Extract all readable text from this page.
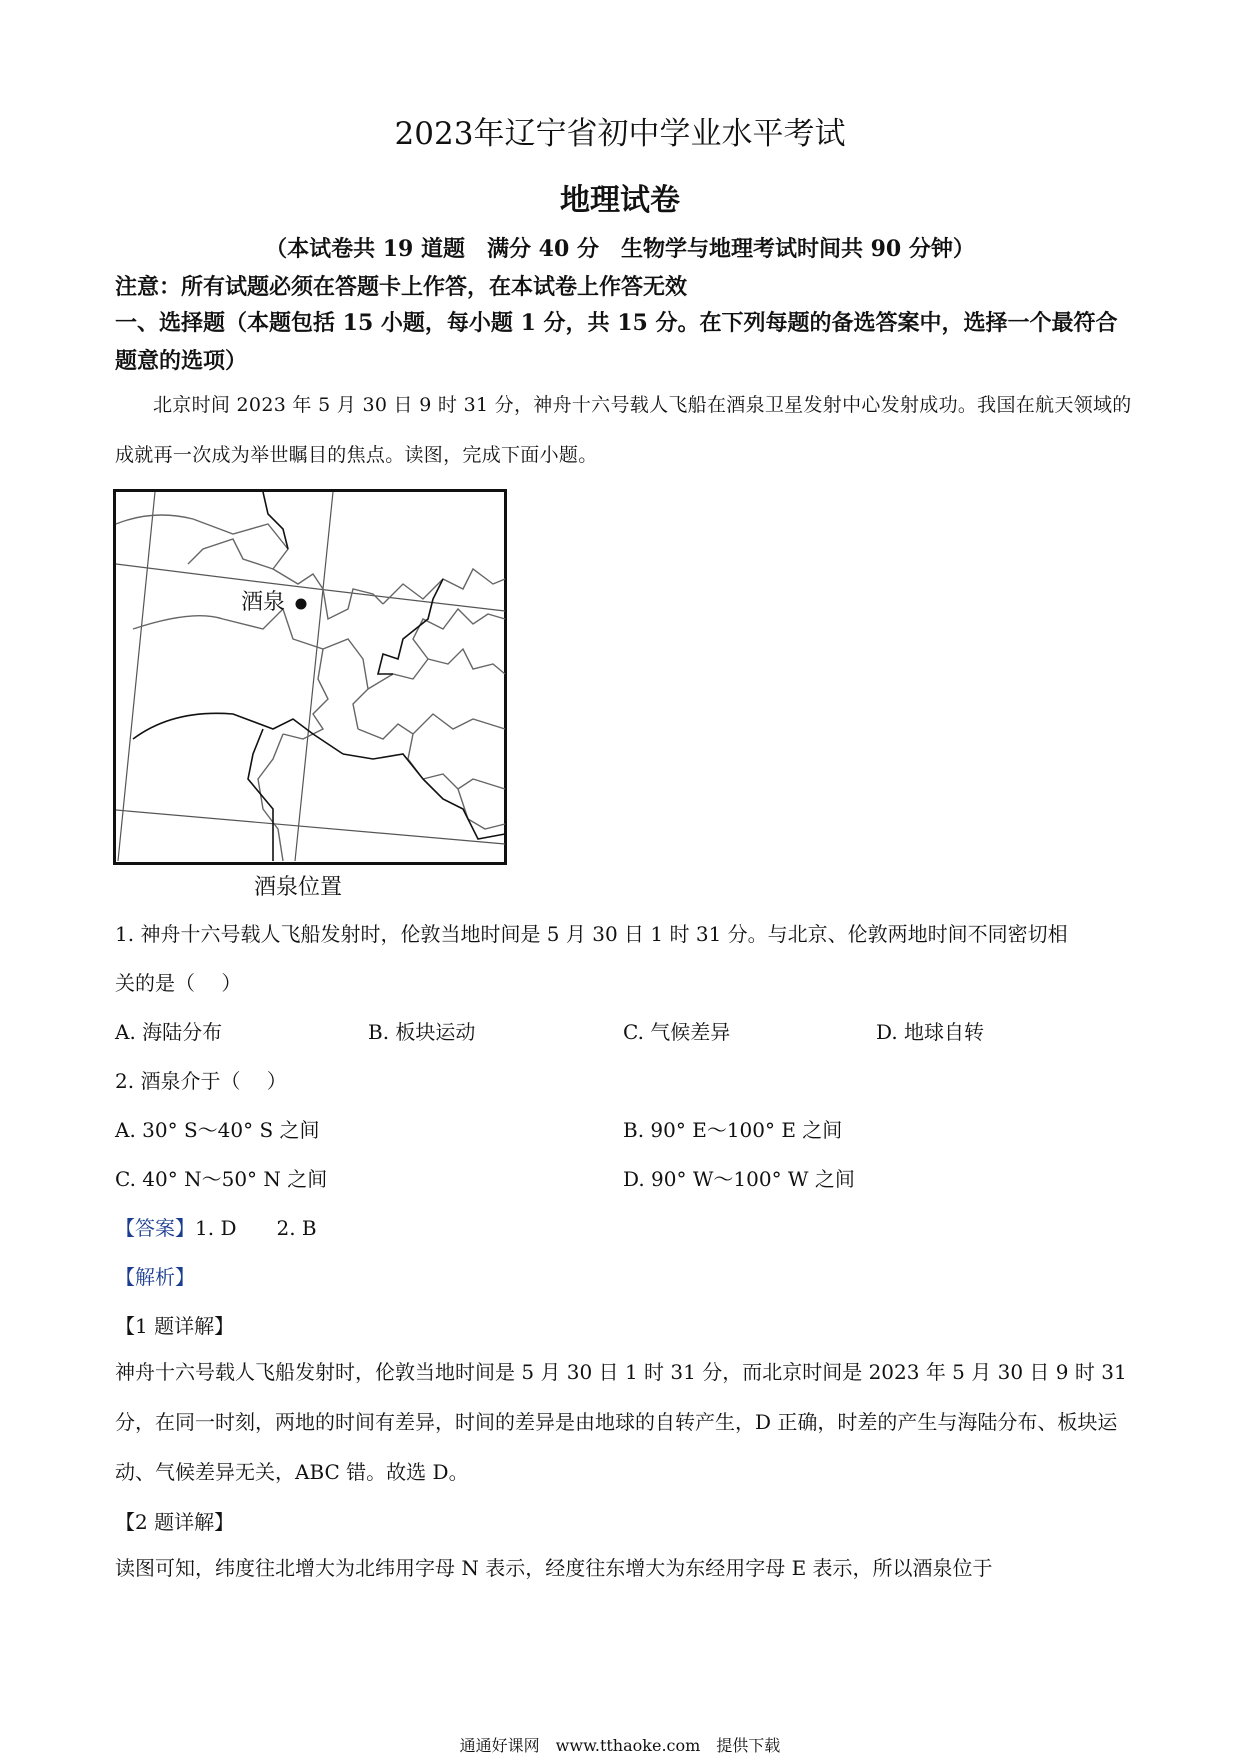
2023年辽宁省初中学业水平考试
地理试卷
（本试卷共 19 道题　满分 40 分　生物学与地理考试时间共 90 分钟）
注意：所有试题必须在答题卡上作答，在本试卷上作答无效
一、选择题（本题包括 15 小题，每小题 1 分，共 15 分。在下列每题的备选答案中，选择一个最符合题意的选项）
北京时间 2023 年 5 月 30 日 9 时 31 分，神舟十六号载人飞船在酒泉卫星发射中心发射成功。我国在航天领域的成就再一次成为举世瞩目的焦点。读图，完成下面小题。
酒泉
酒泉位置
1. 神舟十六号载人飞船发射时，伦敦当地时间是 5 月 30 日 1 时 31 分。与北京、伦敦两地时间不同密切相
关的是（　 ）
A. 海陆分布	B. 板块运动	C. 气候差异	D. 地球自转
2. 酒泉介于（　 ）
A. 30° S～40° S 之间	B. 90° E～100° E 之间
C. 40° N～50° N 之间	D. 90° W～100° W 之间
【答案】1. D　　2. B
【解析】
【1 题详解】
神舟十六号载人飞船发射时，伦敦当地时间是 5 月 30 日 1 时 31 分，而北京时间是 2023 年 5 月 30 日 9 时 31 分，在同一时刻，两地的时间有差异，时间的差异是由地球的自转产生，D 正确，时差的产生与海陆分布、板块运动、气候差异无关，ABC 错。故选 D。
【2 题详解】
读图可知，纬度往北增大为北纬用字母 N 表示，经度往东增大为东经用字母 E 表示，所以酒泉位于
通通好课网　www.tthaoke.com　提供下载
